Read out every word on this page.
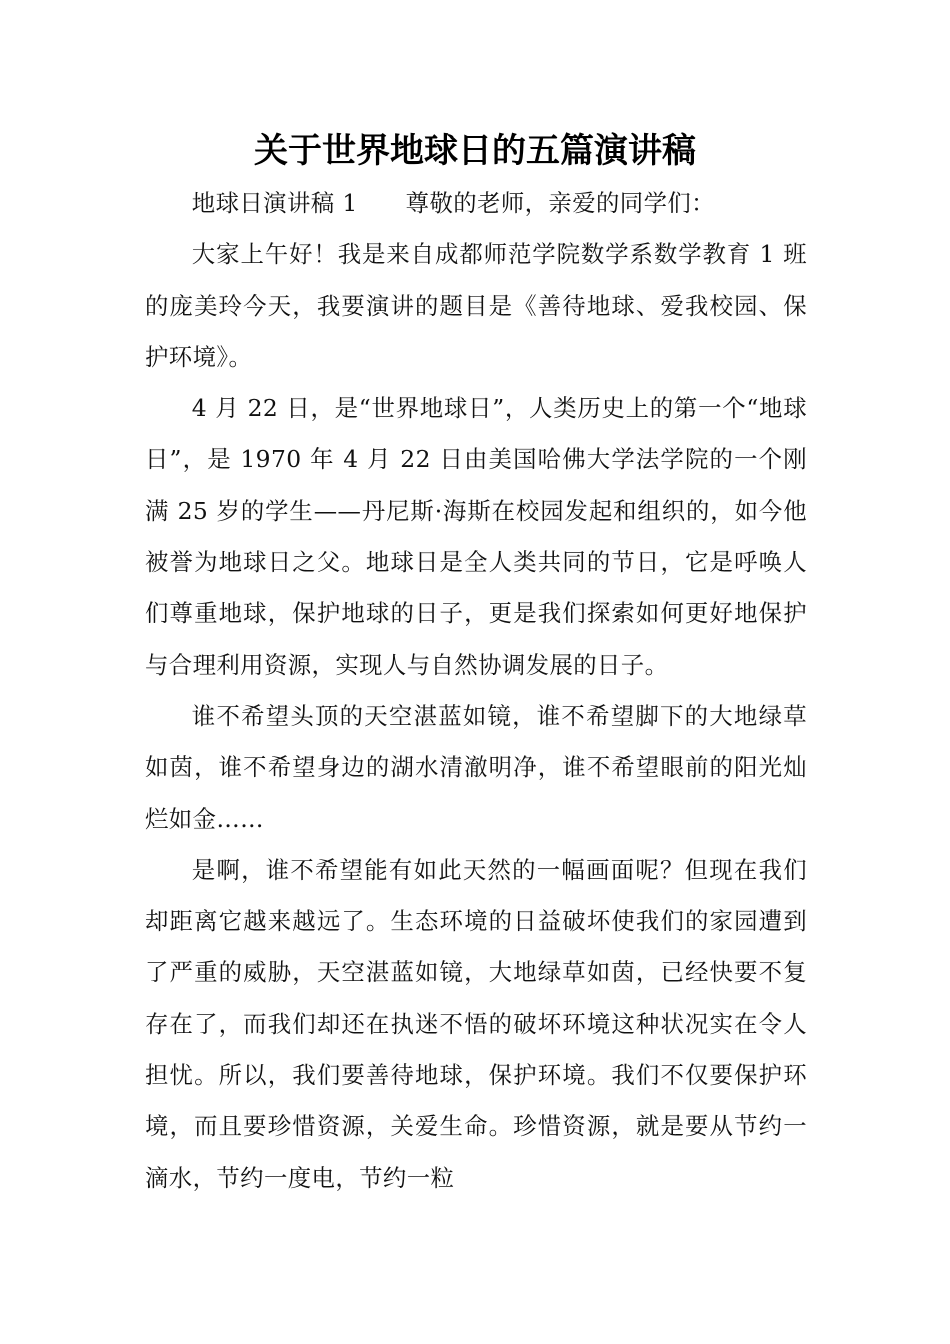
关于世界地球日的五篇演讲稿

地球日演讲稿 1 尊敬的老师，亲爱的同学们：

大家上午好！我是来自成都师范学院数学系数学教育 1 班的庞美玲今天，我要演讲的题目是《善待地球、爱我校园、保护环境》。

4 月 22 日，是“世界地球日”，人类历史上的第一个“地球日”，是 1970 年 4 月 22 日由美国哈佛大学法学院的一个刚满 25 岁的学生——丹尼斯·海斯在校园发起和组织的，如今他被誉为地球日之父。地球日是全人类共同的节日，它是呼唤人们尊重地球，保护地球的日子，更是我们探索如何更好地保护与合理利用资源，实现人与自然协调发展的日子。

谁不希望头顶的天空湛蓝如镜，谁不希望脚下的大地绿草如茵，谁不希望身边的湖水清澈明净，谁不希望眼前的阳光灿烂如金……

是啊，谁不希望能有如此天然的一幅画面呢？但现在我们却距离它越来越远了。生态环境的日益破坏使我们的家园遭到了严重的威胁，天空湛蓝如镜，大地绿草如茵，已经快要不复存在了，而我们却还在执迷不悟的破坏环境这种状况实在令人担忧。所以，我们要善待地球，保护环境。我们不仅要保护环境，而且要珍惜资源，关爱生命。珍惜资源，就是要从节约一滴水，节约一度电，节约一粒
